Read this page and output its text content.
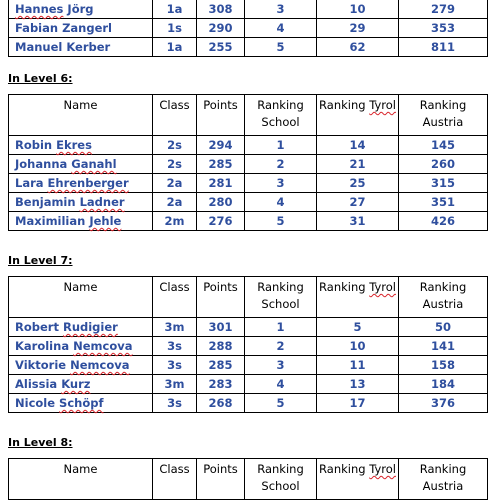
Hannes Jörg	1a	308	3	10	279
Fabian Zangerl	1s	290	4	29	353
Manuel Kerber	1a	255	5	62	811
In Level 6:
Name	Class	Points	Ranking School	Ranking Tyrol	Ranking Austria
Robin Ekres	2s	294	1	14	145
Johanna Ganahl	2s	285	2	21	260
Lara Ehrenberger	2a	281	3	25	315
Benjamin Ladner	2a	280	4	27	351
Maximilian Jehle	2m	276	5	31	426
In Level 7:
Name	Class	Points	Ranking School	Ranking Tyrol	Ranking Austria
Robert Rudigier	3m	301	1	5	50
Karolina Nemcova	3s	288	2	10	141
Viktorie Nemcova	3s	285	3	11	158
Alissia Kurz	3m	283	4	13	184
Nicole Schöpf	3s	268	5	17	376
In Level 8:
Name	Class	Points	Ranking School	Ranking Tyrol	Ranking Austria
